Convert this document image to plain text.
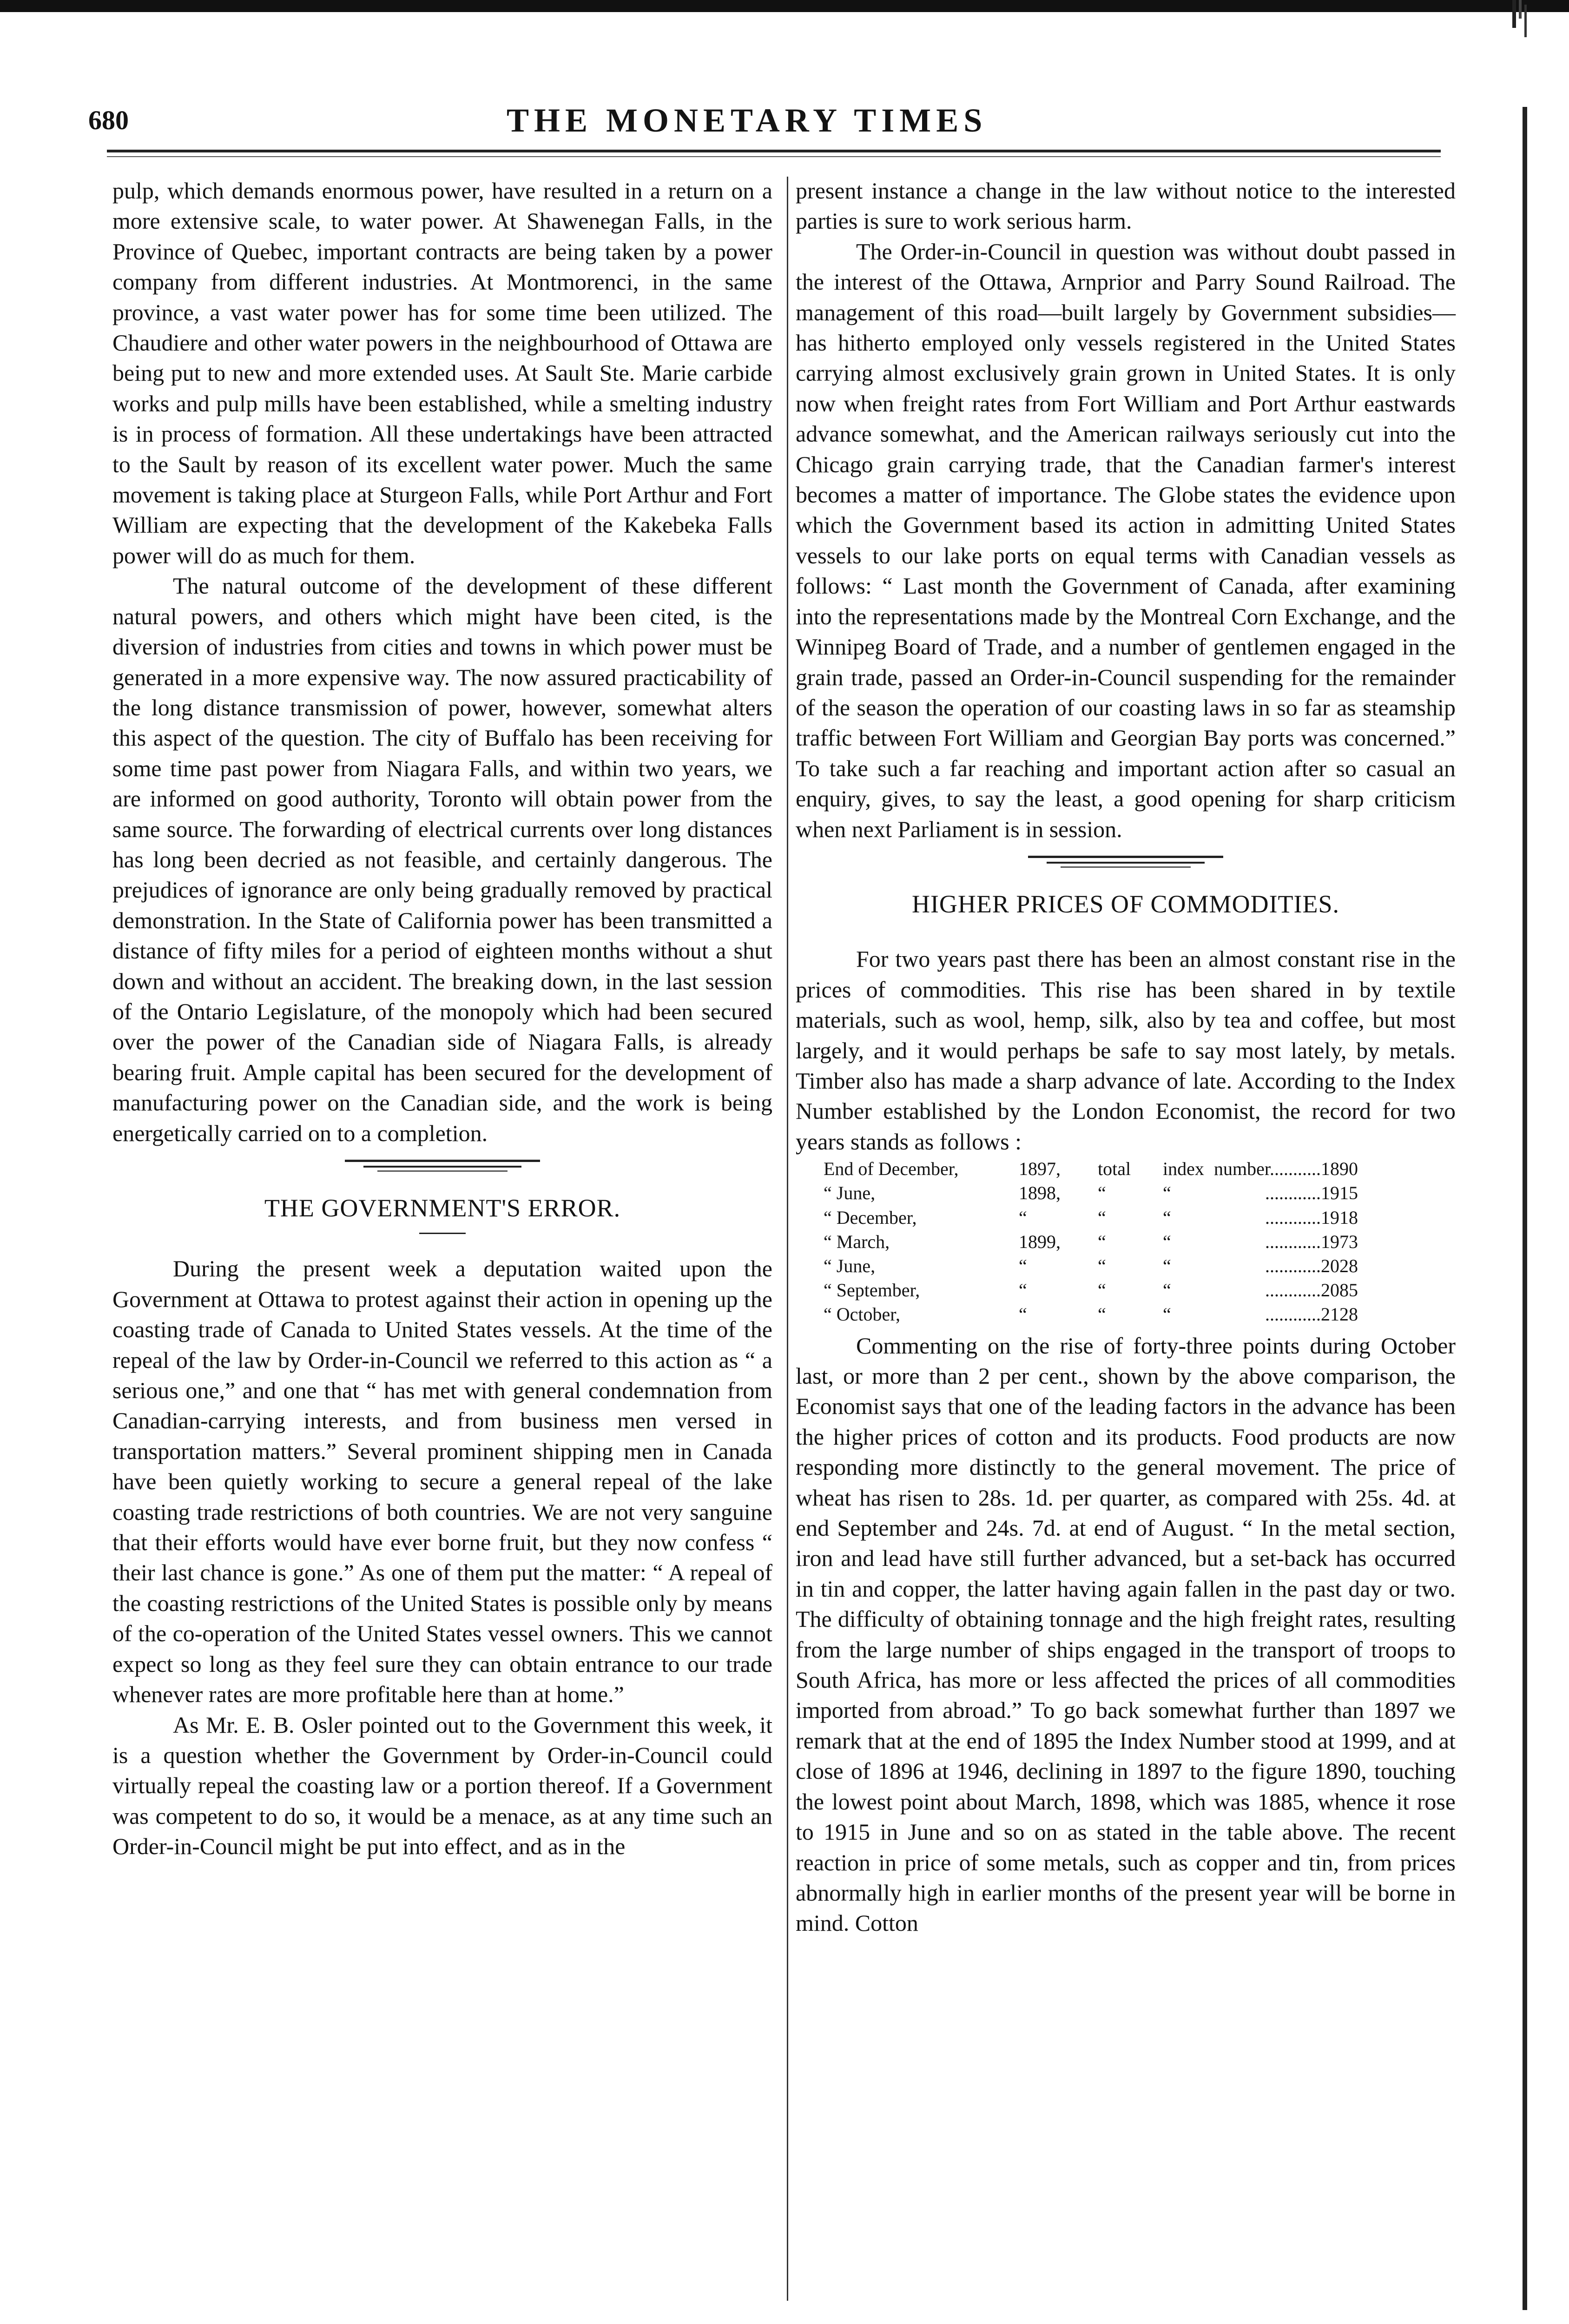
680	THE MONETARY TIMES

pulp, which demands enormous power, have resulted in a return on a more extensive scale, to water power. At Shawenegan Falls, in the Province of Quebec, important contracts are being taken by a power company from different industries. At Montmorenci, in the same province, a vast water power has for some time been utilized. The Chaudiere and other water powers in the neighbourhood of Ottawa are being put to new and more extended uses. At Sault Ste. Marie carbide works and pulp mills have been established, while a smelting industry is in process of formation. All these undertakings have been attracted to the Sault by reason of its excellent water power. Much the same movement is taking place at Sturgeon Falls, while Port Arthur and Fort William are expecting that the development of the Kakebeka Falls power will do as much for them.

The natural outcome of the development of these different natural powers, and others which might have been cited, is the diversion of industries from cities and towns in which power must be generated in a more expensive way. The now assured practicability of the long distance transmission of power, however, somewhat alters this aspect of the question. The city of Buffalo has been receiving for some time past power from Niagara Falls, and within two years, we are informed on good authority, Toronto will obtain power from the same source. The forwarding of electrical currents over long distances has long been decried as not feasible, and certainly dangerous. The prejudices of ignorance are only being gradually removed by practical demonstration. In the State of California power has been transmitted a distance of fifty miles for a period of eighteen months without a shut down and without an accident. The breaking down, in the last session of the Ontario Legislature, of the monopoly which had been secured over the power of the Canadian side of Niagara Falls, is already bearing fruit. Ample capital has been secured for the development of manufacturing power on the Canadian side, and the work is being energetically carried on to a completion.

THE GOVERNMENT'S ERROR.

During the present week a deputation waited upon the Government at Ottawa to protest against their action in opening up the coasting trade of Canada to United States vessels. At the time of the repeal of the law by Order-in-Council we referred to this action as “ a serious one,” and one that “ has met with general condemnation from Canadian-carrying interests, and from business men versed in transportation matters.” Several prominent shipping men in Canada have been quietly working to secure a general repeal of the lake coasting trade restrictions of both countries. We are not very sanguine that their efforts would have ever borne fruit, but they now confess “ their last chance is gone.” As one of them put the matter: “ A repeal of the coasting restrictions of the United States is possible only by means of the co-operation of the United States vessel owners. This we cannot expect so long as they feel sure they can obtain entrance to our trade whenever rates are more profitable here than at home.”

As Mr. E. B. Osler pointed out to the Government this week, it is a question whether the Government by Order-in-Council could virtually repeal the coasting law or a portion thereof. If a Government was competent to do so, it would be a menace, as at any time such an Order-in-Council might be put into effect, and as in the

present instance a change in the law without notice to the interested parties is sure to work serious harm.

The Order-in-Council in question was without doubt passed in the interest of the Ottawa, Arnprior and Parry Sound Railroad. The management of this road—built largely by Government subsidies—has hitherto employed only vessels registered in the United States carrying almost exclusively grain grown in United States. It is only now when freight rates from Fort William and Port Arthur eastwards advance somewhat, and the American railways seriously cut into the Chicago grain carrying trade, that the Canadian farmer's interest becomes a matter of importance. The Globe states the evidence upon which the Government based its action in admitting United States vessels to our lake ports on equal terms with Canadian vessels as follows: “ Last month the Government of Canada, after examining into the representations made by the Montreal Corn Exchange, and the Winnipeg Board of Trade, and a number of gentlemen engaged in the grain trade, passed an Order-in-Council suspending for the remainder of the season the operation of our coasting laws in so far as steamship traffic between Fort William and Georgian Bay ports was concerned.” To take such a far reaching and important action after so casual an enquiry, gives, to say the least, a good opening for sharp criticism when next Parliament is in session.

HIGHER PRICES OF COMMODITIES.

For two years past there has been an almost constant rise in the prices of commodities. This rise has been shared in by textile materials, such as wool, hemp, silk, also by tea and coffee, but most largely, and it would perhaps be safe to say most lately, by metals. Timber also has made a sharp advance of late. According to the Index Number established by the London Economist, the record for two years stands as follows :

End of December,	1897,	total	index number...........1890
“ June,	1898,	“	“	............1915
“ December,	“	“	“	............1918
“ March,	1899,	“	“	............1973
“ June,	“	“	“	............2028
“ September,	“	“	“	............2085
“ October,	“	“	“	............2128

Commenting on the rise of forty-three points during October last, or more than 2 per cent., shown by the above comparison, the Economist says that one of the leading factors in the advance has been the higher prices of cotton and its products. Food products are now responding more distinctly to the general movement. The price of wheat has risen to 28s. 1d. per quarter, as compared with 25s. 4d. at end September and 24s. 7d. at end of August. “ In the metal section, iron and lead have still further advanced, but a set-back has occurred in tin and copper, the latter having again fallen in the past day or two. The difficulty of obtaining tonnage and the high freight rates, resulting from the large number of ships engaged in the transport of troops to South Africa, has more or less affected the prices of all commodities imported from abroad.” To go back somewhat further than 1897 we remark that at the end of 1895 the Index Number stood at 1999, and at close of 1896 at 1946, declining in 1897 to the figure 1890, touching the lowest point about March, 1898, which was 1885, whence it rose to 1915 in June and so on as stated in the table above. The recent reaction in price of some metals, such as copper and tin, from prices abnormally high in earlier months of the present year will be borne in mind. Cotton
